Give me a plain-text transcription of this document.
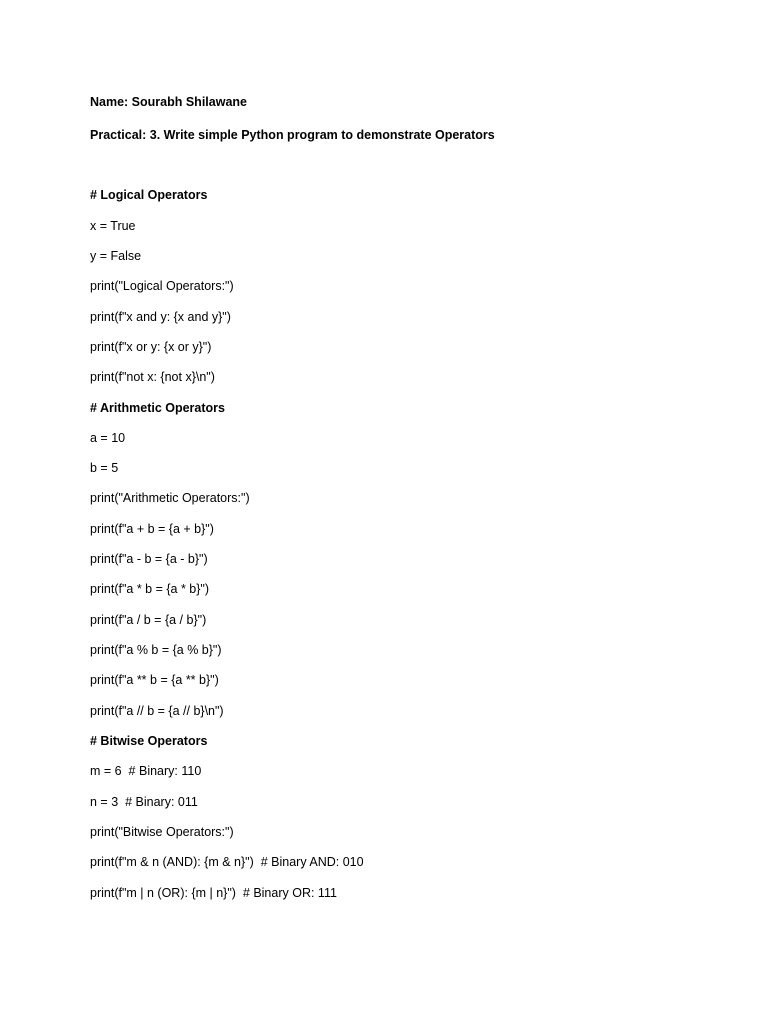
Name: Sourabh Shilawane

Practical: 3. Write simple Python program to demonstrate Operators

# Logical Operators

x = True

y = False

print("Logical Operators:")

print(f"x and y: {x and y}")

print(f"x or y: {x or y}")

print(f"not x: {not x}\n")

# Arithmetic Operators

a = 10

b = 5

print("Arithmetic Operators:")

print(f"a + b = {a + b}")

print(f"a - b = {a - b}")

print(f"a * b = {a * b}")

print(f"a / b = {a / b}")

print(f"a % b = {a % b}")

print(f"a ** b = {a ** b}")

print(f"a // b = {a // b}\n")

# Bitwise Operators

m = 6  # Binary: 110

n = 3  # Binary: 011

print("Bitwise Operators:")

print(f"m & n (AND): {m & n}")  # Binary AND: 010

print(f"m | n (OR): {m | n}")  # Binary OR: 111
